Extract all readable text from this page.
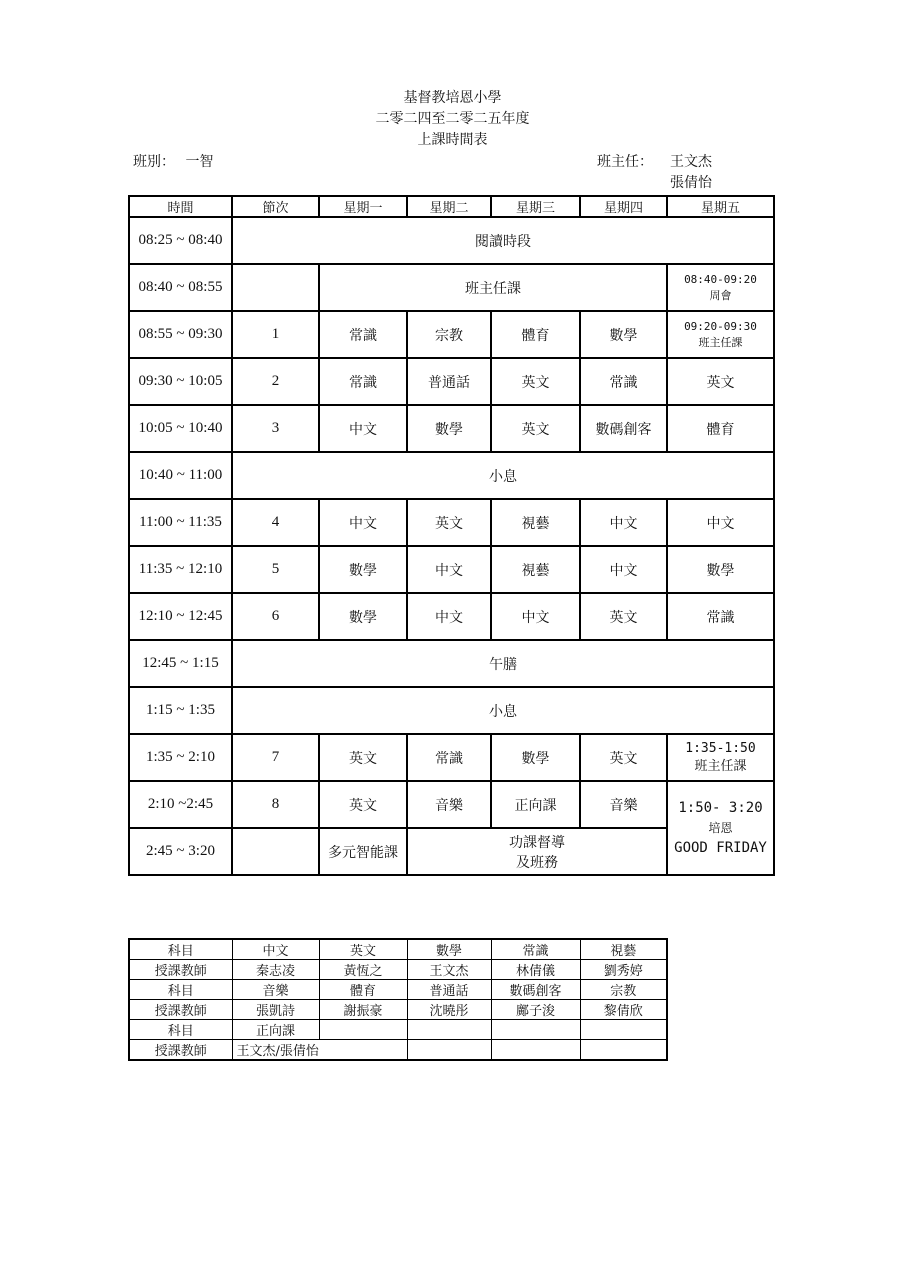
基督教培恩小學
二零二四至二零二五年度
上課時間表
班別： 一智	班主任： 王文杰
張倩怡
時間	節次	星期一	星期二	星期三	星期四	星期五
08:25 ~ 08:40	閱讀時段					
08:40 ~ 08:55		班主任課				08:40-09:20
周會

08:55 ~ 09:30	1	常識	宗教	體育	數學	09:20-09:30
班主任課

09:30 ~ 10:05	2	常識	普通話	英文	常識	英文
10:05 ~ 10:40	3	中文	數學	英文	數碼創客	體育
10:40 ~ 11:00	小息					
11:00 ~ 11:35	4	中文	英文	視藝	中文	中文
11:35 ~ 12:10	5	數學	中文	視藝	中文	數學
12:10 ~ 12:45	6	數學	中文	中文	英文	常識
12:45 ~ 1:15	午膳					
1:15 ~ 1:35	小息					
1:35 ~ 2:10	7	英文	常識	數學	英文	1:35-1:50
班主任課

2:10 ~2:45	8	英文	音樂	正向課	音樂	1:50- 3:20
培恩
GOOD FRIDAY

2:45 ~ 3:20		多元智能課	功課督導
及班務			
科目	中文	英文	數學	常識	視藝
授課教師	秦志凌	黃恆之	王文杰	林倩儀	劉秀婷
科目	音樂	體育	普通話	數碼創客	宗教
授課教師	張凱詩	謝振豪	沈曉彤	鄺子浚	黎倩欣
科目	正向課				
授課教師	王文杰/張倩怡				
